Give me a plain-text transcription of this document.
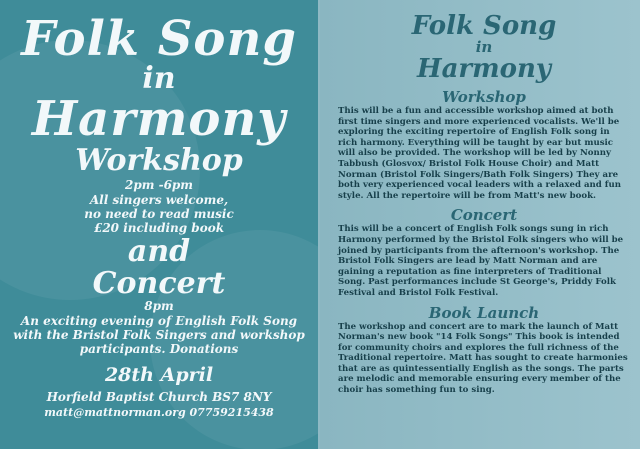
Folk Song
in
Harmony
Workshop
2pm -6pm
All singers welcome,
no need to read music
£20 including book
and
Concert
8pm
An exciting evening of English Folk Song with the Bristol Folk Singers and workshop participants. Donations
28th April
Horfield Baptist Church BS7 8NY
matt@mattnorman.org 07759215438
Folk Song
in
Harmony
Workshop
This will be a fun and accessible workshop aimed at both first time singers and more experienced vocalists. We'll be exploring the exciting repertoire of English Folk song in rich harmony. Everything will be taught by ear but music will also be provided. The workshop will be led by Nonny Tabbush (Glosvox/ Bristol Folk House Choir) and Matt Norman (Bristol Folk Singers/Bath Folk Singers) They are both very experienced vocal leaders with a relaxed and fun style. All the repertoire will be from Matt's new book.
Concert
This will be a concert of English Folk songs sung in rich Harmony performed by the Bristol Folk singers who will be joined by participants from the afternoon's workshop. The Bristol Folk Singers are lead by Matt Norman and are gaining a reputation as fine interpreters of Traditional Song. Past performances include St George's, Priddy Folk Festival and Bristol Folk Festival.
Book Launch
The workshop and concert are to mark the launch of Matt Norman's new book "14 Folk Songs" This book is intended for community choirs and explores the full richness of the Traditional repertoire. Matt has sought to create harmonies that are as quintessentially English as the songs. The parts are melodic and memorable ensuring every member of the choir has something fun to sing.
